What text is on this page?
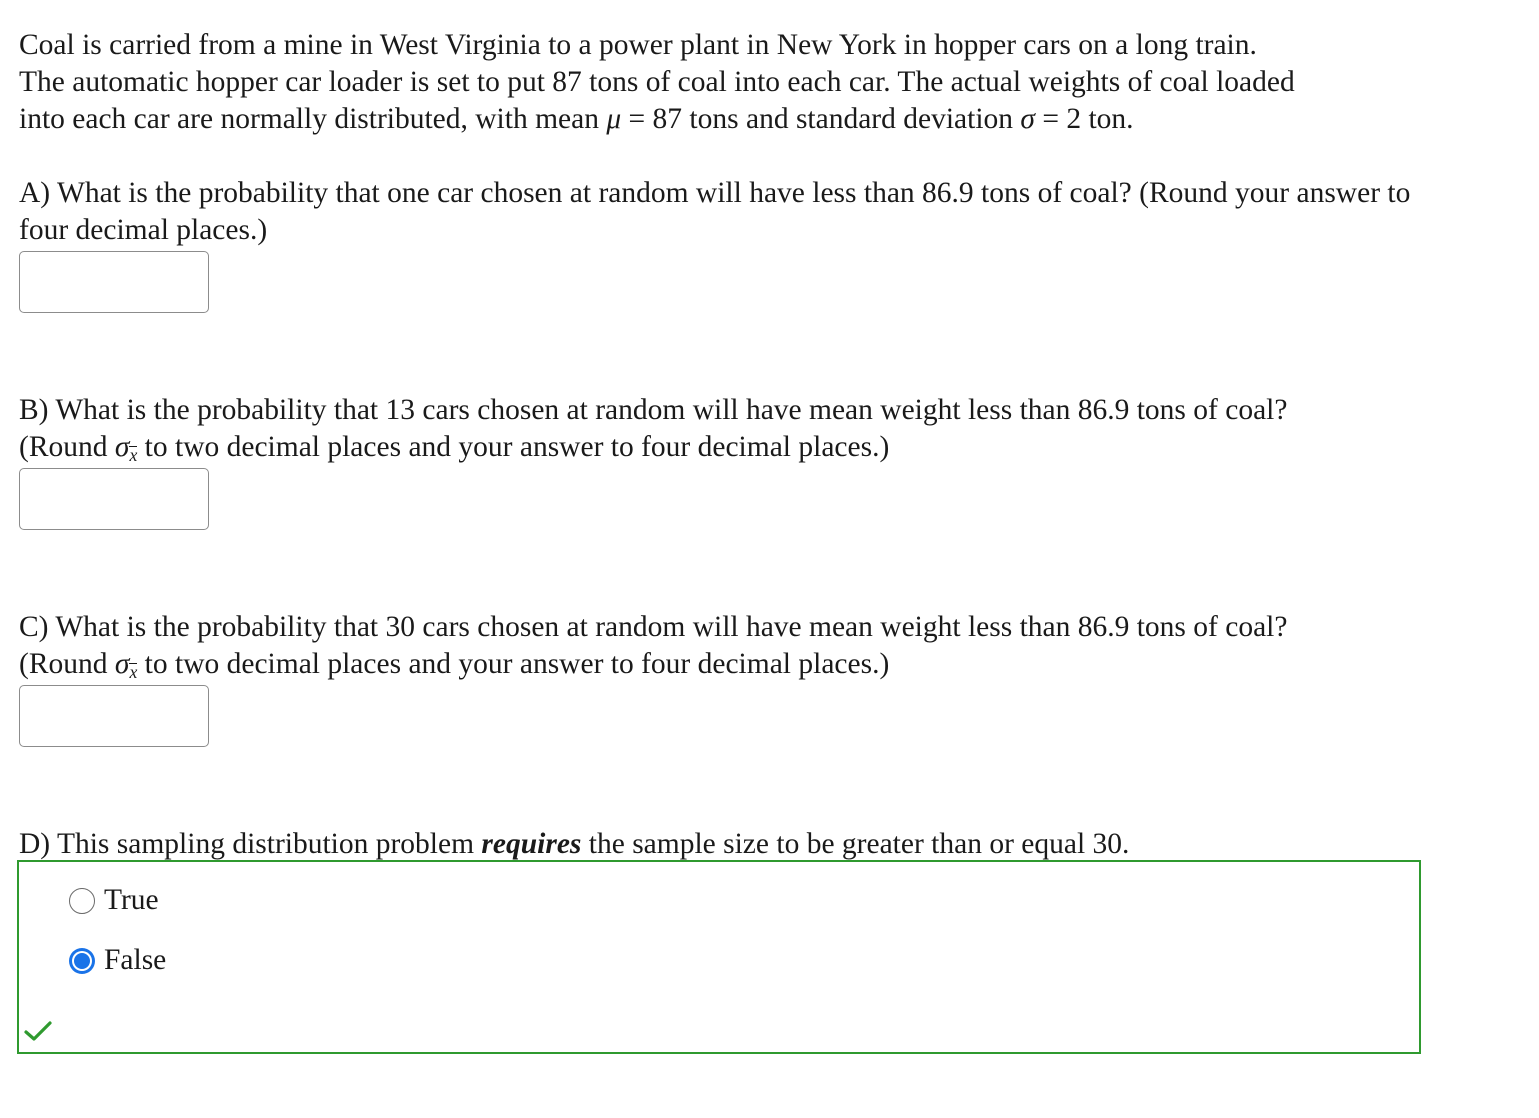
Coal is carried from a mine in West Virginia to a power plant in New York in hopper cars on a long train.
The automatic hopper car loader is set to put 87 tons of coal into each car. The actual weights of coal loaded
into each car are normally distributed, with mean μ = 87 tons and standard deviation σ = 2 ton.

A) What is the probability that one car chosen at random will have less than 86.9 tons of coal? (Round your answer to four decimal places.)

B) What is the probability that 13 cars chosen at random will have mean weight less than 86.9 tons of coal?
(Round σx to two decimal places and your answer to four decimal places.)

C) What is the probability that 30 cars chosen at random will have mean weight less than 86.9 tons of coal?
(Round σx to two decimal places and your answer to four decimal places.)

D) This sampling distribution problem requires the sample size to be greater than or equal 30.

True
False
